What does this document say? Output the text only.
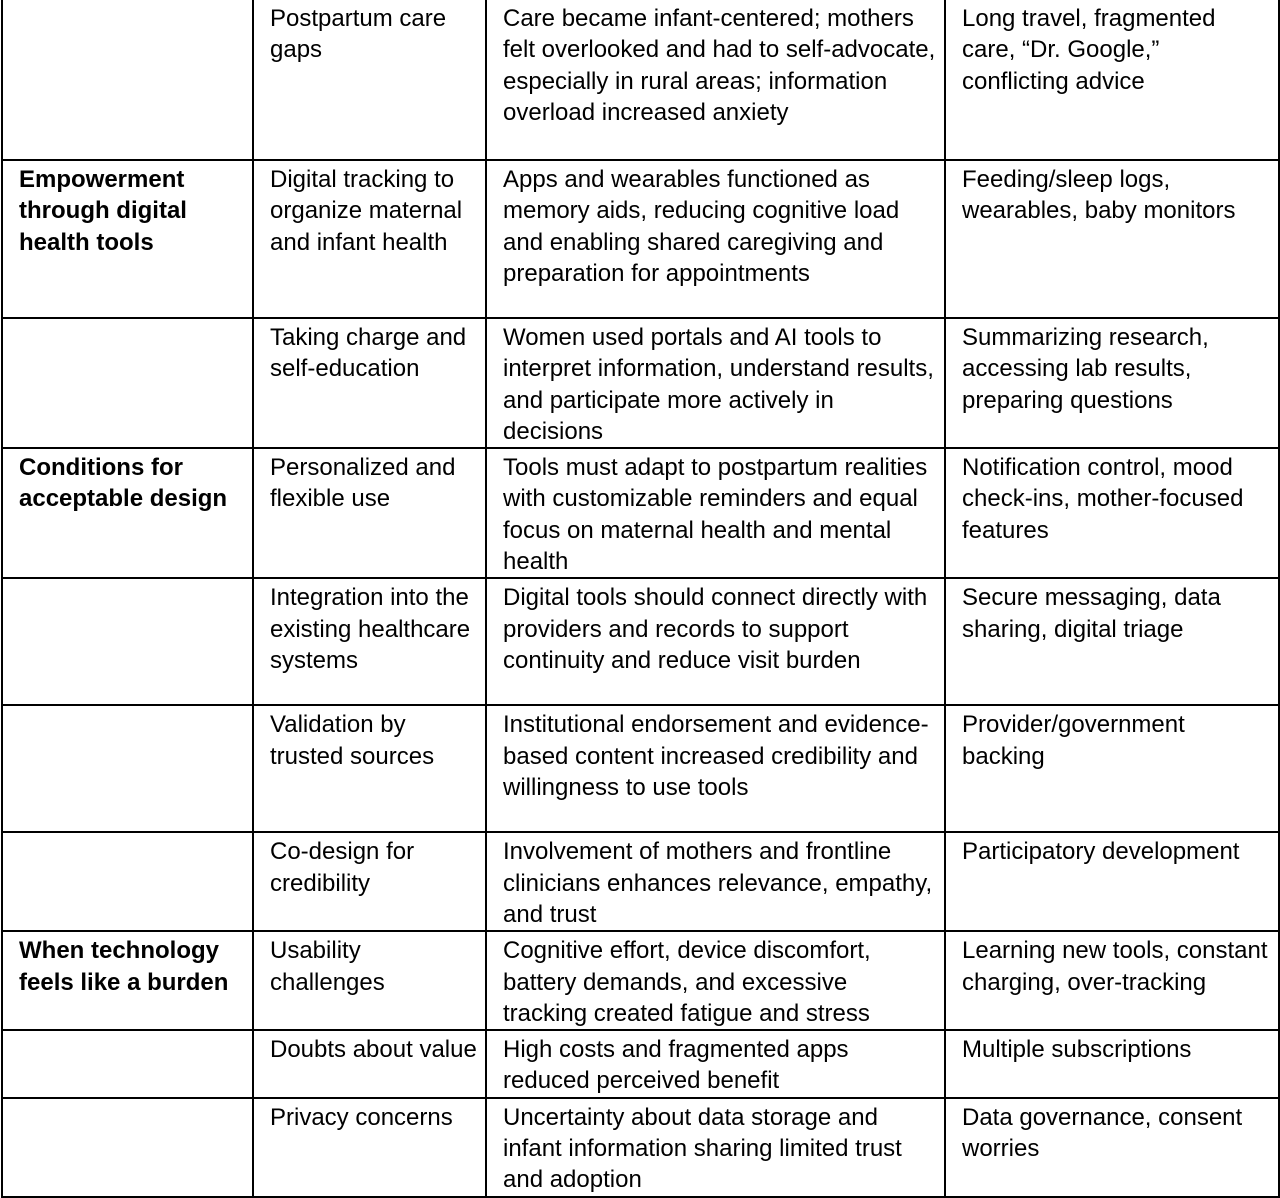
	Postpartum care gaps	Care became infant-centered; mothers felt overlooked and had to self-advocate, especially in rural areas; information overload increased anxiety	Long travel, fragmented care, “Dr. Google,” conflicting advice
Empowerment through digital health tools	Digital tracking to organize maternal and infant health	Apps and wearables functioned as memory aids, reducing cognitive load and enabling shared caregiving and preparation for appointments	Feeding/sleep logs, wearables, baby monitors
	Taking charge and self-education	Women used portals and AI tools to interpret information, understand results, and participate more actively in decisions	Summarizing research, accessing lab results, preparing questions
Conditions for acceptable design	Personalized and flexible use	Tools must adapt to postpartum realities with customizable reminders and equal focus on maternal health and mental health	Notification control, mood check-ins, mother-focused features
	Integration into the existing healthcare systems	Digital tools should connect directly with providers and records to support continuity and reduce visit burden	Secure messaging, data sharing, digital triage
	Validation by trusted sources	Institutional endorsement and evidence-based content increased credibility and willingness to use tools	Provider/government backing
	Co-design for credibility	Involvement of mothers and frontline clinicians enhances relevance, empathy, and trust	Participatory development
When technology feels like a burden	Usability challenges	Cognitive effort, device discomfort, battery demands, and excessive tracking created fatigue and stress	Learning new tools, constant charging, over-tracking
	Doubts about value	High costs and fragmented apps reduced perceived benefit	Multiple subscriptions
	Privacy concerns	Uncertainty about data storage and infant information sharing limited trust and adoption	Data governance, consent worries
